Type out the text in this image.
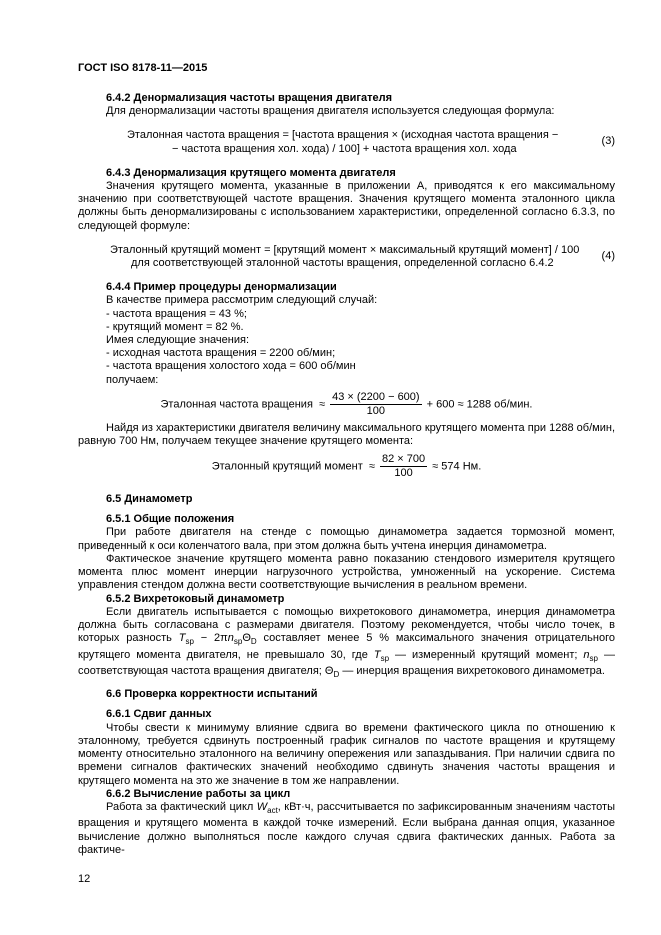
ГОСТ ISO 8178-11—2015

6.4.2 Денормализация частоты вращения двигателя

Для денормализации частоты вращения двигателя используется следующая формула:

Эталонная частота вращения = [частота вращения × (исходная частота вращения −

− частота вращения хол. хода) / 100] + частота вращения хол. хода

(3)

6.4.3 Денормализация крутящего момента двигателя

Значения крутящего момента, указанные в приложении А, приводятся к его максимальному значению при соответствующей частоте вращения. Значения крутящего момента эталонного цикла должны быть денормализированы с использованием характеристики, определенной согласно 6.3.3, по следующей формуле:

Эталонный крутящий момент = [крутящий момент × максимальный крутящий момент] / 100

для соответствующей эталонной частоты вращения, определенной согласно 6.4.2

(4)

6.4.4 Пример процедуры денормализации

В качестве примера рассмотрим следующий случай:

- частота вращения = 43 %;

- крутящий момент = 82 %.

Имея следующие значения:

- исходная частота вращения = 2200 об/мин;

- частота вращения холостого хода = 600 об/мин

получаем:

Эталонная частота вращения  ≈ $\frac{43 \times (2200 - 600)}{100} + 600 \approx 1288$ об/мин.

Найдя из характеристики двигателя величину максимального крутящего момента при 1288 об/мин, равную 700 Нм, получаем текущее значение крутящего момента:

Эталонный крутящий момент  ≈ $\frac{82 \times 700}{100} \approx 574$ Нм.

6.5 Динамометр

6.5.1 Общие положения

При работе двигателя на стенде с помощью динамометра задается тормозной момент, приведенный к оси коленчатого вала, при этом должна быть учтена инерция динамометра.

Фактическое значение крутящего момента равно показанию стендового измерителя крутящего момента плюс момент инерции нагрузочного устройства, умноженный на ускорение. Система управления стендом должна вести соответствующие вычисления в реальном времени.

6.5.2 Вихретоковый динамометр

Если двигатель испытывается с помощью вихретокового динамометра, инерция динамометра должна быть согласована с размерами двигателя. Поэтому рекомендуется, чтобы число точек, в которых разность $T_{sp} - 2\pi n_{sp}\Theta_D$ составляет менее 5 % максимального значения отрицательного крутящего момента двигателя, не превышало 30, где $T_{sp}$ — измеренный крутящий момент; $n_{sp}$ — соответствующая частота вращения двигателя; $\Theta_D$ — инерция вращения вихретокового динамометра.

6.6 Проверка корректности испытаний

6.6.1 Сдвиг данных

Чтобы свести к минимуму влияние сдвига во времени фактического цикла по отношению к эталонному, требуется сдвинуть построенный график сигналов по частоте вращения и крутящему моменту относительно эталонного на величину опережения или запаздывания. При наличии сдвига по времени сигналов фактических значений необходимо сдвинуть значения частоты вращения и крутящего момента на это же значение в том же направлении.

6.6.2 Вычисление работы за цикл

Работа за фактический цикл $W_{act}$, кВт·ч, рассчитывается по зафиксированным значениям частоты вращения и крутящего момента в каждой точке измерений. Если выбрана данная опция, указанное вычисление должно выполняться после каждого случая сдвига фактических данных. Работа за фактиче-

12
